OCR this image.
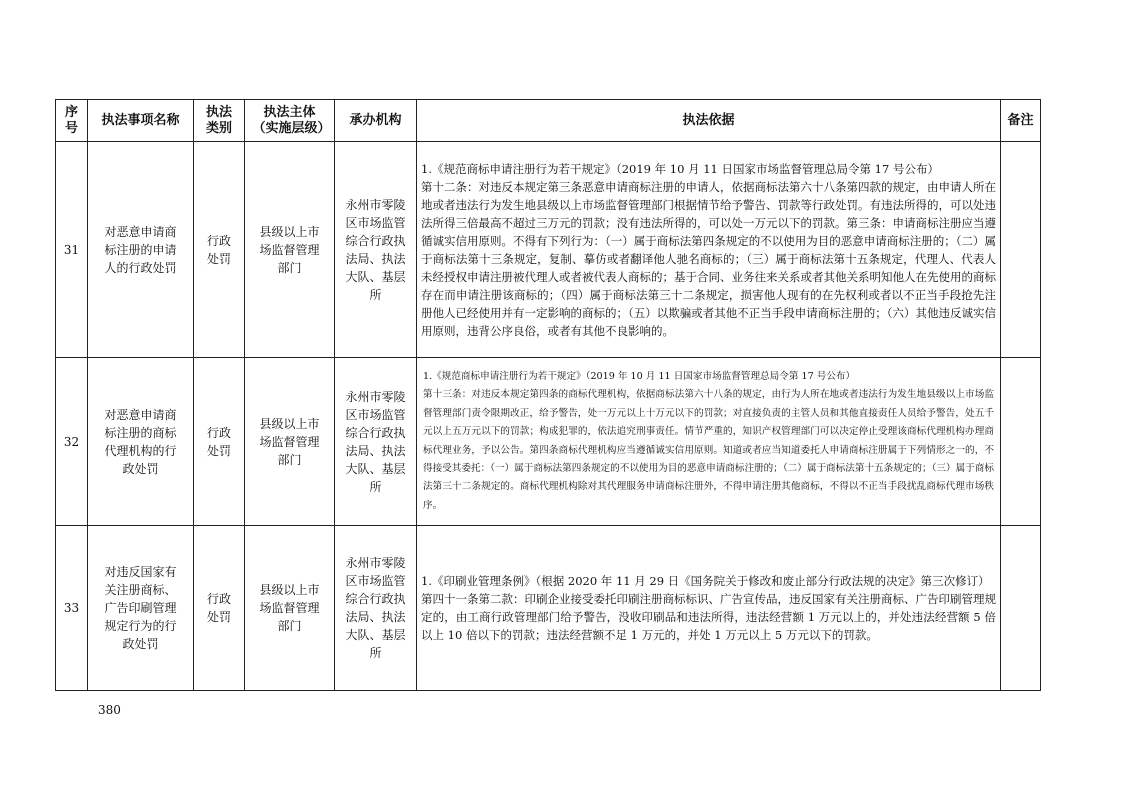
序号	执法事项名称	执法类别	执法主体（实施层级）	承办机构	执法依据	备注
31	对恶意申请商标注册的申请人的行政处罚	行政处罚	县级以上市场监督管理部门	永州市零陵区市场监管综合行政执法局、执法大队、基层所	1.《规范商标申请注册行为若干规定》（2019 年 10 月 11 日国家市场监督管理总局令第 17 号公布）
第十二条：对违反本规定第三条恶意申请商标注册的申请人，依据商标法第六十八条第四款的规定，由申请人所在地或者违法行为发生地县级以上市场监督管理部门根据情节给予警告、罚款等行政处罚。有违法所得的，可以处违法所得三倍最高不超过三万元的罚款；没有违法所得的，可以处一万元以下的罚款。第三条：申请商标注册应当遵循诚实信用原则。不得有下列行为：（一）属于商标法第四条规定的不以使用为目的恶意申请商标注册的；（二）属于商标法第十三条规定，复制、摹仿或者翻译他人驰名商标的；（三）属于商标法第十五条规定，代理人、代表人未经授权申请注册被代理人或者被代表人商标的；基于合同、业务往来关系或者其他关系明知他人在先使用的商标存在而申请注册该商标的；（四）属于商标法第三十二条规定，损害他人现有的在先权利或者以不正当手段抢先注册他人已经使用并有一定影响的商标的；（五）以欺骗或者其他不正当手段申请商标注册的；（六）其他违反诚实信用原则，违背公序良俗，或者有其他不良影响的。	

32	对恶意申请商标注册的商标代理机构的行政处罚	行政处罚	县级以上市场监督管理部门	永州市零陵区市场监管综合行政执法局、执法大队、基层所	1.《规范商标申请注册行为若干规定》（2019 年 10 月 11 日国家市场监督管理总局令第 17 号公布）
第十三条：对违反本规定第四条的商标代理机构，依据商标法第六十八条的规定，由行为人所在地或者违法行为发生地县级以上市场监督管理部门责令限期改正，给予警告，处一万元以上十万元以下的罚款；对直接负责的主管人员和其他直接责任人员给予警告，处五千元以上五万元以下的罚款；构成犯罪的，依法追究刑事责任。情节严重的，知识产权管理部门可以决定停止受理该商标代理机构办理商标代理业务，予以公告。第四条商标代理机构应当遵循诚实信用原则。知道或者应当知道委托人申请商标注册属于下列情形之一的，不得接受其委托：（一）属于商标法第四条规定的不以使用为目的恶意申请商标注册的；（二）属于商标法第十五条规定的；（三）属于商标法第三十二条规定的。商标代理机构除对其代理服务申请商标注册外，不得申请注册其他商标，不得以不正当手段扰乱商标代理市场秩序。	

33	对违反国家有关注册商标、广告印刷管理规定行为的行政处罚	行政处罚	县级以上市场监督管理部门	永州市零陵区市场监管综合行政执法局、执法大队、基层所	1.《印刷业管理条例》（根据 2020 年 11 月 29 日《国务院关于修改和废止部分行政法规的决定》第三次修订）
第四十一条第二款：印刷企业接受委托印刷注册商标标识、广告宣传品，违反国家有关注册商标、广告印刷管理规定的，由工商行政管理部门给予警告，没收印刷品和违法所得，违法经营额 1 万元以上的，并处违法经营额 5 倍以上 10 倍以下的罚款；违法经营额不足 1 万元的，并处 1 万元以上 5 万元以下的罚款。	

380
